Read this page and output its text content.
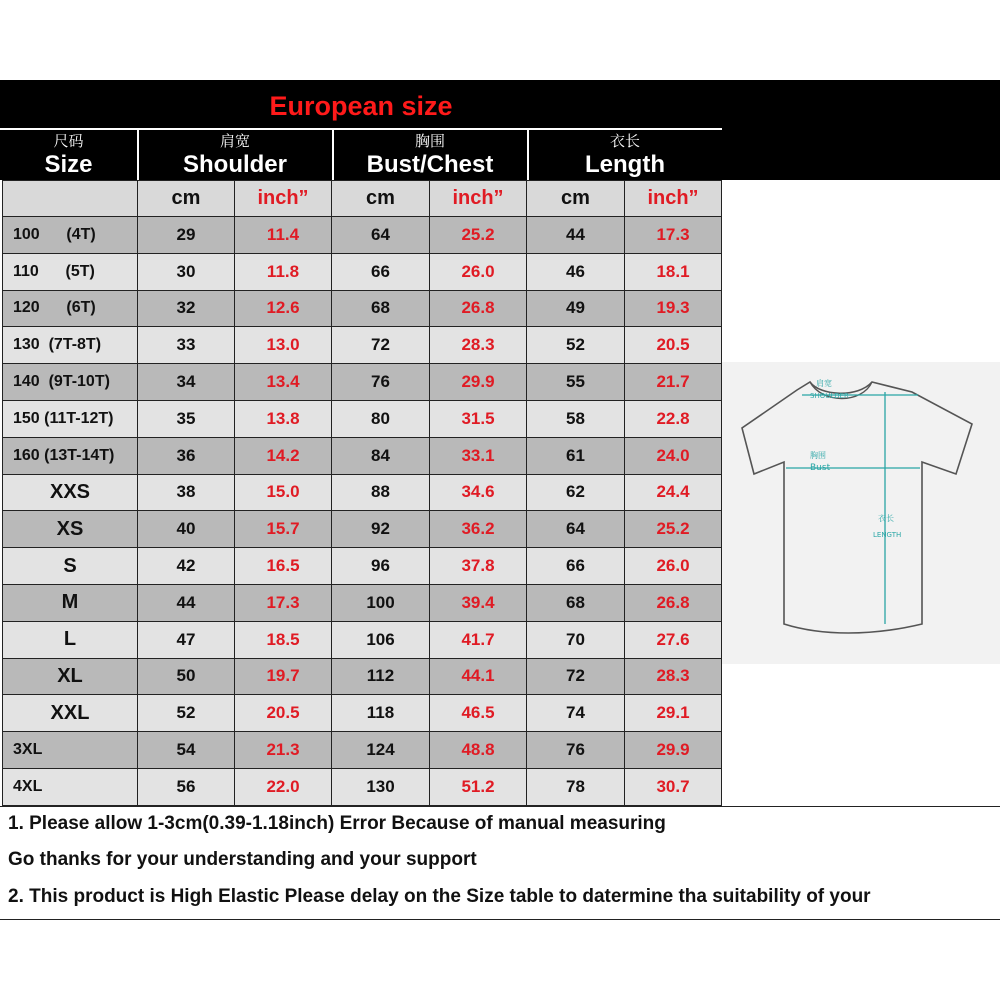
European size
尺码
Size
肩宽
Shoulder
胸围
Bust/Chest
衣长
Length
	cm	inch”	cm	inch”	cm	inch”
100      (4T)	29	11.4	64	25.2	44	17.3
110      (5T)	30	11.8	66	26.0	46	18.1
120      (6T)	32	12.6	68	26.8	49	19.3
130  (7T-8T)	33	13.0	72	28.3	52	20.5
140  (9T-10T)	34	13.4	76	29.9	55	21.7
150 (11T-12T)	35	13.8	80	31.5	58	22.8
160 (13T-14T)	36	14.2	84	33.1	61	24.0
XXS	38	15.0	88	34.6	62	24.4
XS	40	15.7	92	36.2	64	25.2
S	42	16.5	96	37.8	66	26.0
M	44	17.3	100	39.4	68	26.8
L	47	18.5	106	41.7	70	27.6
XL	50	19.7	112	44.1	72	28.3
XXL	52	20.5	118	46.5	74	29.1
3XL	54	21.3	124	48.8	76	29.9
4XL	56	22.0	130	51.2	78	30.7
肩宽
SHOULDER
胸围
Bust
衣长
LENGTH
1. Please allow 1-3cm(0.39-1.18inch) Error Because of manual measuring
Go thanks for your understanding and your support
2. This product is High Elastic Please delay on the Size table to datermine tha suitability of your
